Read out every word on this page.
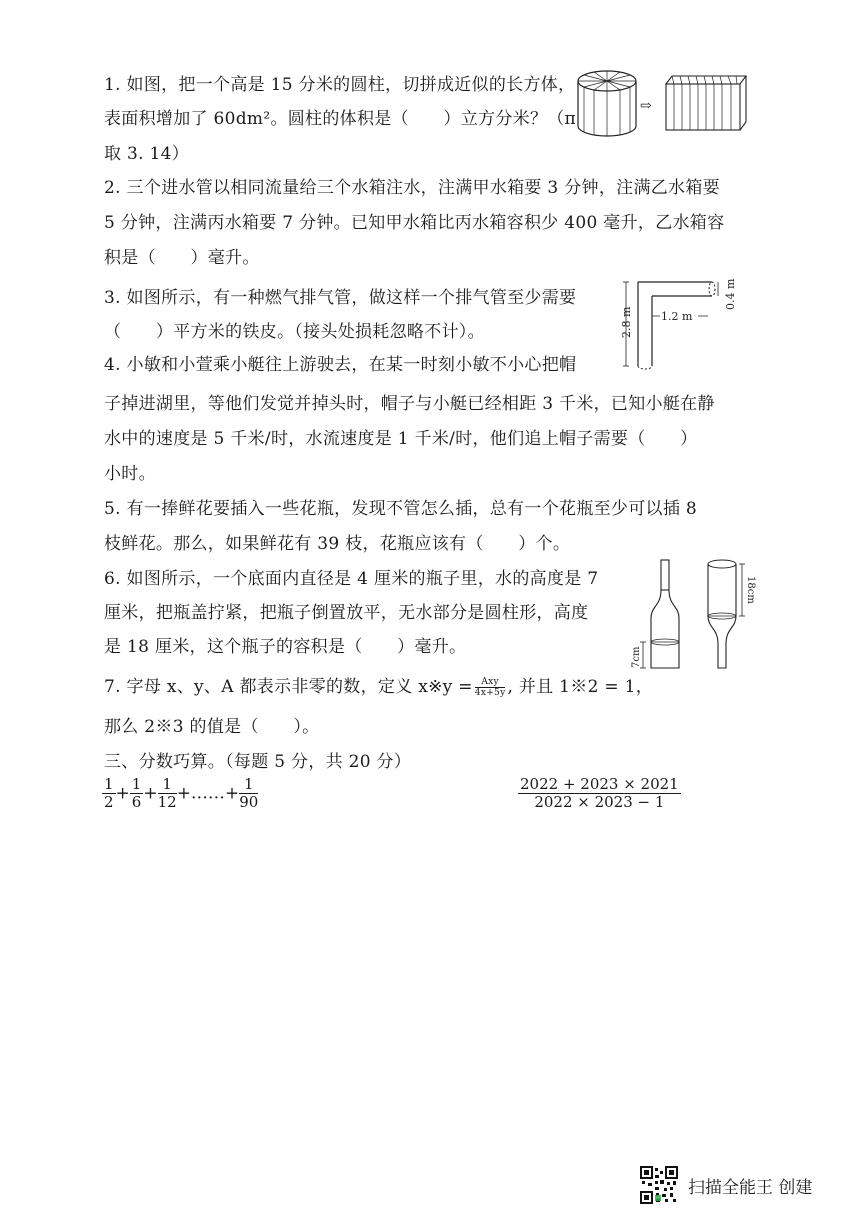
1. 如图，把一个高是 15 分米的圆柱，切拼成近似的长方体，
表面积增加了 60dm²。圆柱的体积是（　　）立方分米？（π
取 3. 14）
⇨
2. 三个进水管以相同流量给三个水箱注水，注满甲水箱要 3 分钟，注满乙水箱要
5 分钟，注满丙水箱要 7 分钟。已知甲水箱比丙水箱容积少 400 毫升，乙水箱容
积是（　　）毫升。
3. 如图所示，有一种燃气排气管，做这样一个排气管至少需要
（　　）平方米的铁皮。（接头处损耗忽略不计）。	2.8 m	1.2 m
0.4 m
4. 小敏和小萱乘小艇往上游驶去，在某一时刻小敏不小心把帽
子掉进湖里，等他们发觉并掉头时，帽子与小艇已经相距 3 千米，已知小艇在静
水中的速度是 5 千米/时，水流速度是 1 千米/时，他们追上帽子需要（　　）
小时。
5. 有一捧鲜花要插入一些花瓶，发现不管怎么插，总有一个花瓶至少可以插 8
枝鲜花。那么，如果鲜花有 39 枝，花瓶应该有（　　）个。
6. 如图所示，一个底面内直径是 4 厘米的瓶子里，水的高度是 7
厘米，把瓶盖拧紧，把瓶子倒置放平，无水部分是圆柱形，高度
是 18 厘米，这个瓶子的容积是（　　）毫升。	7cm
18cm
7. 字母 x、y、A 都表示非零的数，定义 x※y = $\frac{\text{Axy}}{4x+5y}$ , 并且 1※2 = 1，
那么 2※3 的值是（　　）。
三、分数巧算。（每题 5 分，共 20 分）
$\frac{1}{2} + \frac{1}{6} + \frac{1}{12}$ +……+ $\frac{1}{90}$	$\frac{2022 + 2023 \times 2021}{2022 \times 2023 - 1}$
扫描全能王 创建
